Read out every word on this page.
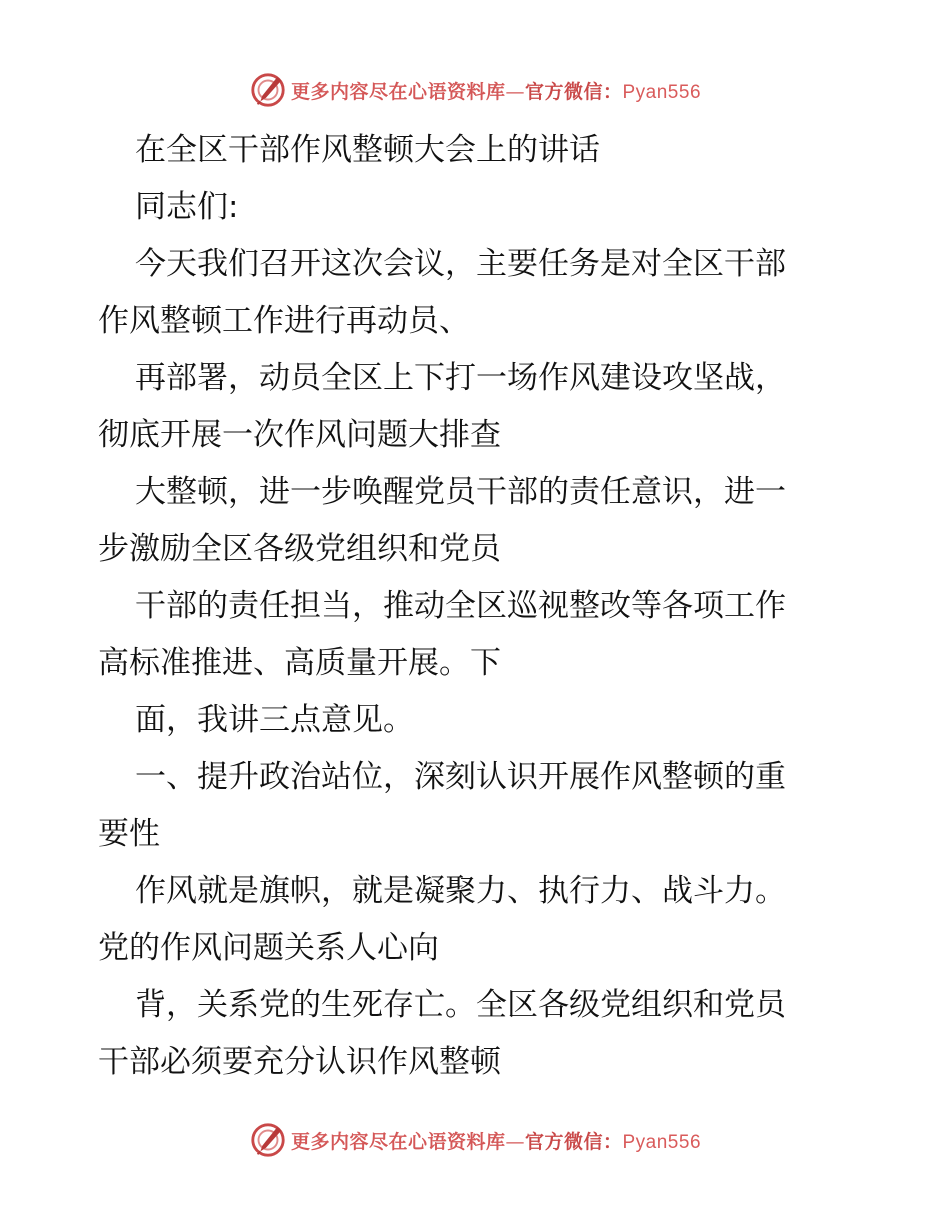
更多内容尽在心语资料库—官方微信：Pyan556
在全区干部作风整顿大会上的讲话
同志们:
今天我们召开这次会议，主要任务是对全区干部
作风整顿工作进行再动员、
再部署，动员全区上下打一场作风建设攻坚战，
彻底开展一次作风问题大排查
大整顿，进一步唤醒党员干部的责任意识，进一
步激励全区各级党组织和党员
干部的责任担当，推动全区巡视整改等各项工作
高标准推进、高质量开展。下
面，我讲三点意见。
一、提升政治站位，深刻认识开展作风整顿的重
要性
作风就是旗帜，就是凝聚力、执行力、战斗力。
党的作风问题关系人心向
背，关系党的生死存亡。全区各级党组织和党员
干部必须要充分认识作风整顿
更多内容尽在心语资料库—官方微信：Pyan556
